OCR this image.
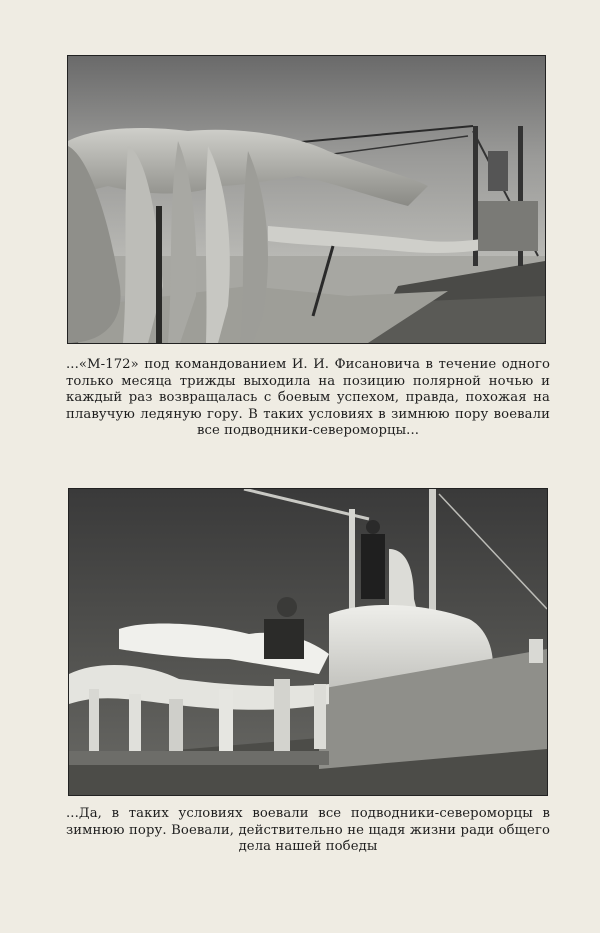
...«М-172» под командованием И. И. Фисановича в течение одного только месяца трижды выходила на позицию полярной ночью и каждый раз возвращалась с боевым успехом, правда, похожая на плавучую ледяную гору. В таких условиях в зимнюю пору воевали все подводники-североморцы...
...Да, в таких условиях воевали все подводники-североморцы в зимнюю пору. Воевали, действительно не щадя жизни ради общего дела нашей победы
